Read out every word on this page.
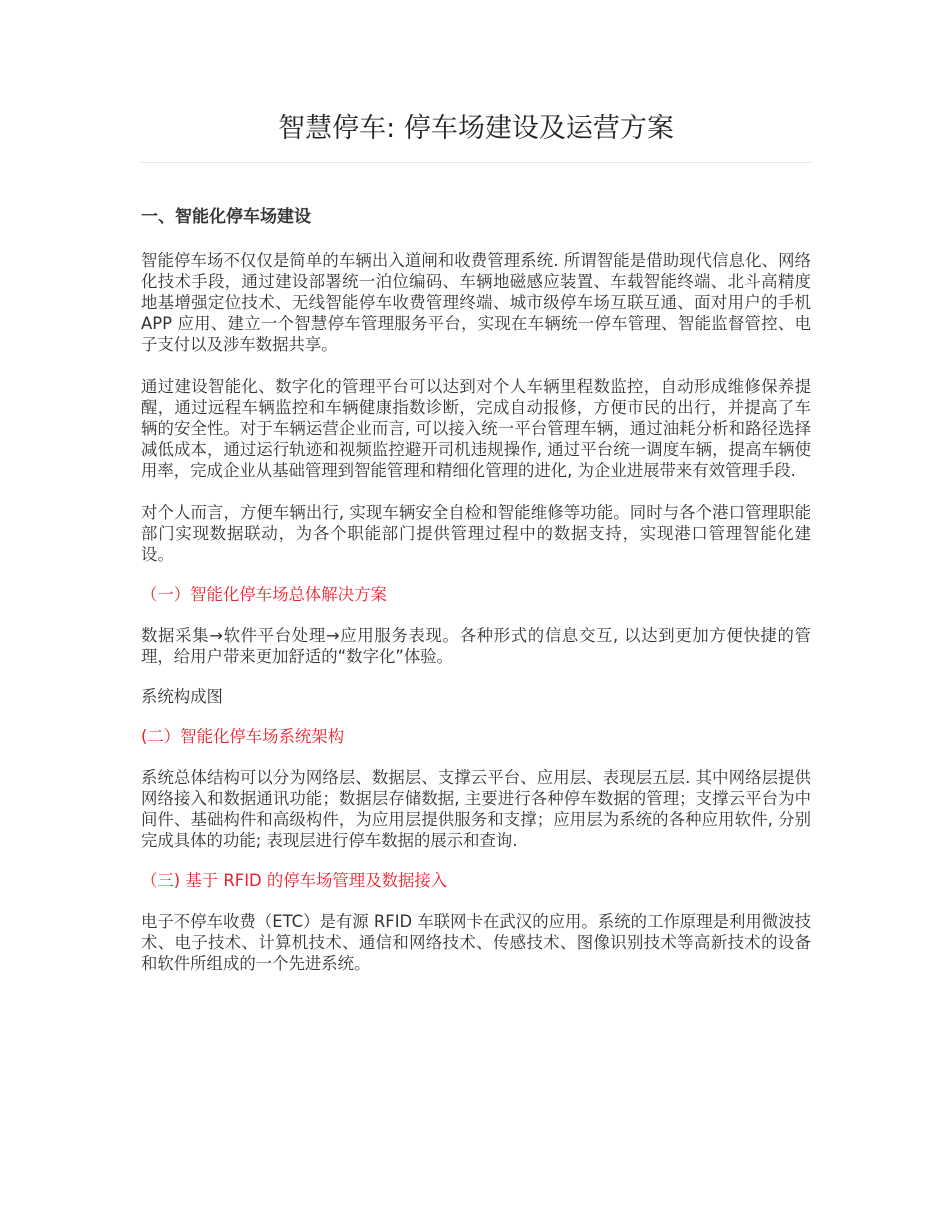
智慧停车: 停车场建设及运营方案
一、智能化停车场建设

智能停车场不仅仅是简单的车辆出入道闸和收费管理系统. 所谓智能是借助现代信息化、网络化技术手段，通过建设部署统一泊位编码、车辆地磁感应装置、车载智能终端、北斗高精度地基增强定位技术、无线智能停车收费管理终端、城市级停车场互联互通、面对用户的手机 APP 应用、建立一个智慧停车管理服务平台，实现在车辆统一停车管理、智能监督管控、电子支付以及涉车数据共享。

通过建设智能化、数字化的管理平台可以达到对个人车辆里程数监控，自动形成维修保养提醒，通过远程车辆监控和车辆健康指数诊断，完成自动报修，方便市民的出行，并提高了车辆的安全性。对于车辆运营企业而言, 可以接入统一平台管理车辆，通过油耗分析和路径选择减低成本，通过运行轨迹和视频监控避开司机违规操作, 通过平台统一调度车辆，提高车辆使用率，完成企业从基础管理到智能管理和精细化管理的进化, 为企业进展带来有效管理手段.

对个人而言，方便车辆出行, 实现车辆安全自检和智能维修等功能。同时与各个港口管理职能部门实现数据联动，为各个职能部门提供管理过程中的数据支持，实现港口管理智能化建设。

（一）智能化停车场总体解决方案

数据采集→软件平台处理→应用服务表现。各种形式的信息交互, 以达到更加方便快捷的管理，给用户带来更加舒适的“数字化”体验。

系统构成图

(二）智能化停车场系统架构

系统总体结构可以分为网络层、数据层、支撑云平台、应用层、表现层五层. 其中网络层提供网络接入和数据通讯功能；数据层存储数据, 主要进行各种停车数据的管理；支撑云平台为中间件、基础构件和高级构件，为应用层提供服务和支撑；应用层为系统的各种应用软件, 分别完成具体的功能; 表现层进行停车数据的展示和查询.

（三) 基于 RFID 的停车场管理及数据接入

电子不停车收费（ETC）是有源 RFID 车联网卡在武汉的应用。系统的工作原理是利用微波技术、电子技术、计算机技术、通信和网络技术、传感技术、图像识别技术等高新技术的设备和软件所组成的一个先进系统。
